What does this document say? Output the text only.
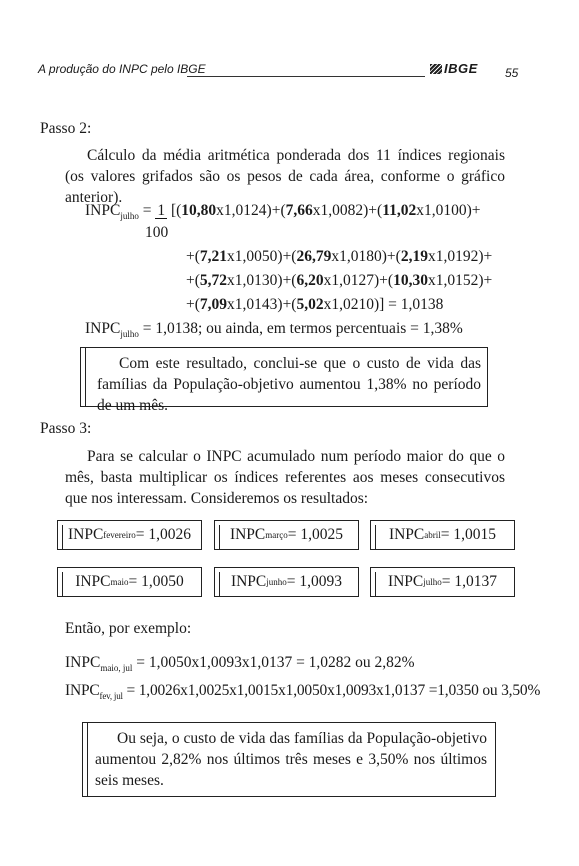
A produção do INPC pelo IBGE	IBGE 55
Passo 2:
Cálculo da média aritmética ponderada dos 11 índices regionais (os valores grifados são os pesos de cada área, conforme o gráfico anterior).
$INPC_{julho} = 1$ [(10,80x1,0124)+(7,66x1,0082)+(11,02x1,0100)+
100
+(7,21x1,0050)+(26,79x1,0180)+(2,19x1,0192)+
+(5,72x1,0130)+(6,20x1,0127)+(10,30x1,0152)+
+(7,09x1,0143)+(5,02x1,0210)] = 1,0138
$INPC_{julho} = 1,0138$; ou ainda, em termos percentuais = 1,38%
Com este resultado, conclui-se que o custo de vida das famílias da População-objetivo aumentou 1,38% no período de um mês.
Passo 3:
Para se calcular o INPC acumulado num período maior do que o mês, basta multiplicar os índices referentes aos meses consecutivos que nos interessam. Consideremos os resultados:
INPC fevereiro = 1,0026	INPC março = 1,0025	INPC abril = 1,0015
INPC maio = 1,0050	INPC junho = 1,0093	INPC julho = 1,0137
Então, por exemplo:
$INPC_{maio, jul} = 1,0050x1,0093x1,0137 = 1,0282$ ou 2,82%
$INPC_{fev, jul} = 1,0026x1,0025x1,0015x1,0050x1,0093x1,0137 =1,0350$ ou 3,50%
Ou seja, o custo de vida das famílias da População-objetivo aumentou 2,82% nos últimos três meses e 3,50% nos últimos seis meses.
